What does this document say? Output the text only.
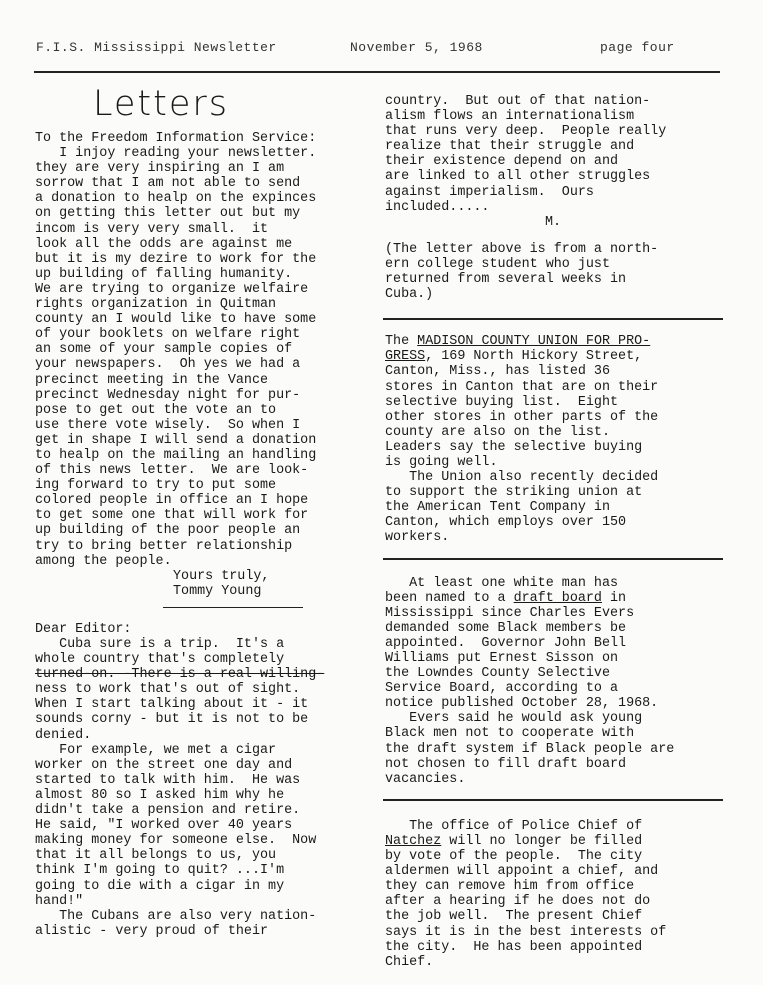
F.I.S. Mississippi Newsletter	November 5, 1968	page four
Letters

To the Freedom Information Service:

I injoy reading your newsletter.

they are very inspiring an I am

sorrow that I am not able to send

a donation to healp on the expinces

on getting this letter out but my

incom is very very small.  it

look all the odds are against me

but it is my dezire to work for the

up building of falling humanity.

We are trying to organize welfaire

rights organization in Quitman

county an I would like to have some

of your booklets on welfare right

an some of your sample copies of

your newspapers.  Oh yes we had a

precinct meeting in the Vance

precinct Wednesday night for pur-

pose to get out the vote an to

use there vote wisely.  So when I

get in shape I will send a donation

to healp on the mailing an handling

of this news letter.  We are look-

ing forward to try to put some

colored people in office an I hope

to get some one that will work for

up building of the poor people an

try to bring better relationship

among the people.

Yours truly,

Tommy Young

Dear Editor:

Cuba sure is a trip.  It's a

whole country that's completely

turned-on. -There is a real willing-

ness to work that's out of sight.

When I start talking about it - it

sounds corny - but it is not to be

denied.

For example, we met a cigar

worker on the street one day and

started to talk with him.  He was

almost 80 so I asked him why he

didn't take a pension and retire.

He said, "I worked over 40 years

making money for someone else.  Now

that it all belongs to us, you

think I'm going to quit? ...I'm

going to die with a cigar in my

hand!"

The Cubans are also very nation-

alistic - very proud of their

country.  But out of that nation-

alism flows an internationalism

that runs very deep.  People really

realize that their struggle and

their existence depend on and

are linked to all other struggles

against imperialism.  Ours

included.....

M.

(The letter above is from a north-

ern college student who just

returned from several weeks in

Cuba.)

The MADISON COUNTY UNION FOR PRO-

GRESS, 169 North Hickory Street,

Canton, Miss., has listed 36

stores in Canton that are on their

selective buying list.  Eight

other stores in other parts of the

county are also on the list.

Leaders say the selective buying

is going well.

The Union also recently decided

to support the striking union at

the American Tent Company in

Canton, which employs over 150

workers.

At least one white man has

been named to a draft board in

Mississippi since Charles Evers

demanded some Black members be

appointed.  Governor John Bell

Williams put Ernest Sisson on

the Lowndes County Selective

Service Board, according to a

notice published October 28, 1968.

Evers said he would ask young

Black men not to cooperate with

the draft system if Black people are

not chosen to fill draft board

vacancies.

The office of Police Chief of

Natchez will no longer be filled

by vote of the people.  The city

aldermen will appoint a chief, and

they can remove him from office

after a hearing if he does not do

the job well.  The present Chief

says it is in the best interests of

the city.  He has been appointed

Chief.
